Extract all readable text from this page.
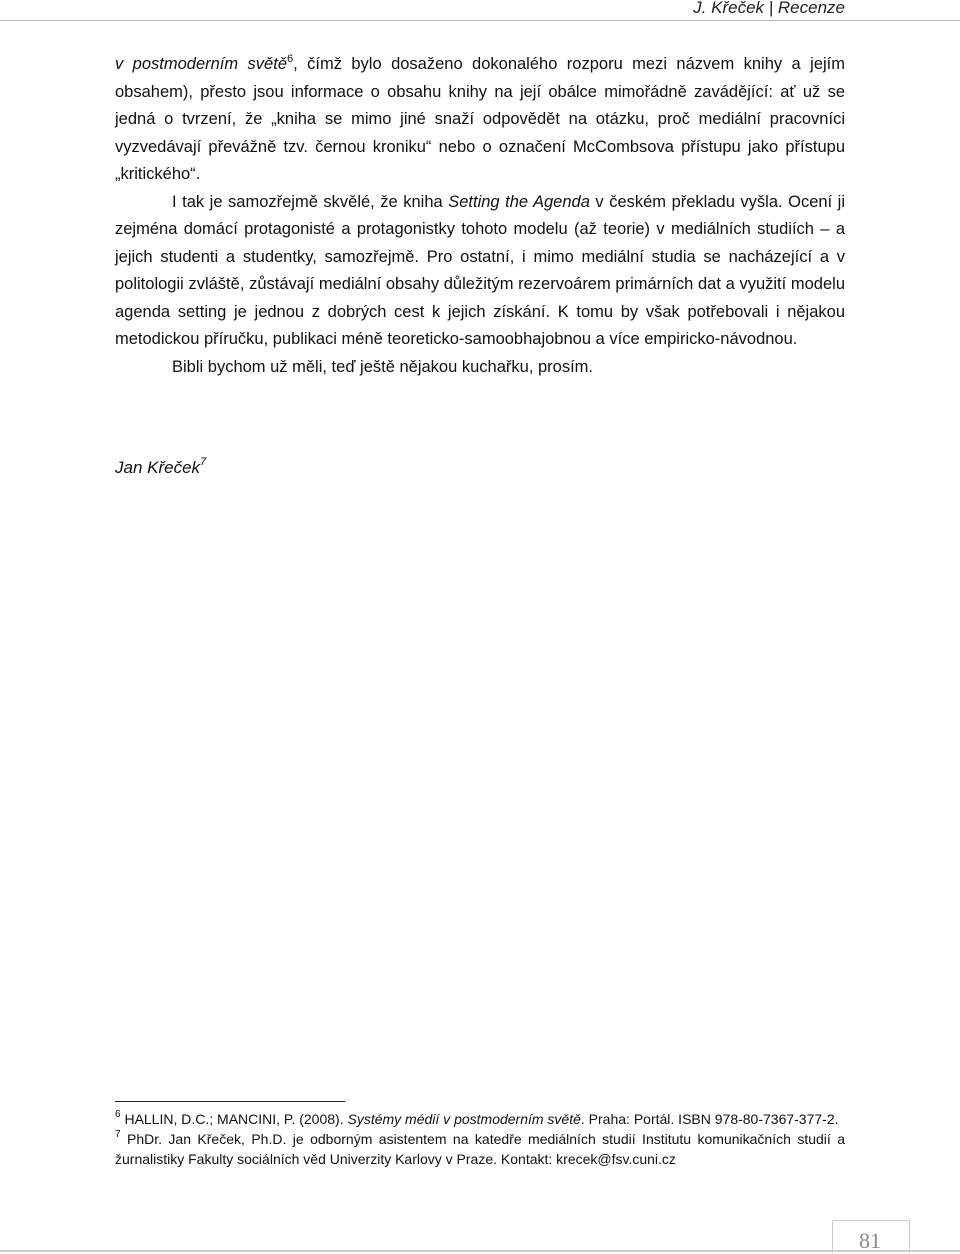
J. Křeček | Recenze

v postmoderním světě$^6$, čímž bylo dosaženo dokonalého rozporu mezi názvem knihy a jejím obsahem), přesto jsou informace o obsahu knihy na její obálce mimořádně zavádějící: ať už se jedná o tvrzení, že „kniha se mimo jiné snaží odpovědět na otázku, proč mediální pracovníci vyzvedávají převážně tzv. černou kroniku“ nebo o označení McCombsova přístupu jako přístupu „kritického“.

I tak je samozřejmě skvělé, že kniha Setting the Agenda v českém překladu vyšla. Ocení ji zejména domácí protagonisté a protagonistky tohoto modelu (až teorie) v mediálních studiích – a jejich studenti a studentky, samozřejmě. Pro ostatní, i mimo mediální studia se nacházející a v politologii zvláště, zůstávají mediální obsahy důležitým rezervoárem primárních dat a využití modelu agenda setting je jednou z dobrých cest k jejich získání. K tomu by však potřebovali i nějakou metodickou příručku, publikaci méně teoreticko-samoobhajobnou a více empiricko-návodnou.

Bibli bychom už měli, teď ještě nějakou kuchařku, prosím.

Jan Křeček$^7$

$^6$ HALLIN, D.C.; MANCINI, P. (2008). Systémy médií v postmoderním světě. Praha: Portál. ISBN 978-80-7367-377-2.

$^7$ PhDr. Jan Křeček, Ph.D. je odborným asistentem na katedře mediálních studií Institutu komunikačních studií a žurnalistiky Fakulty sociálních věd Univerzity Karlovy v Praze. Kontakt: krecek@fsv.cuni.cz

81
